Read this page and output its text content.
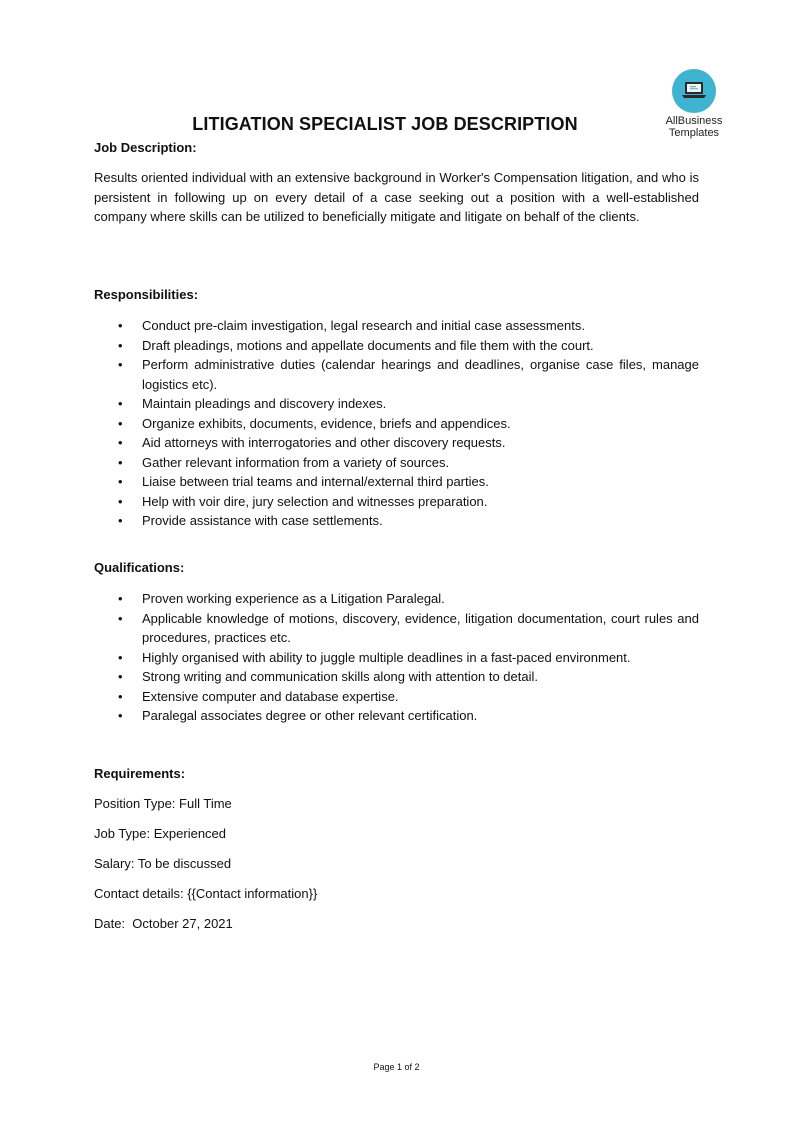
AllBusiness
Templates
LITIGATION SPECIALIST JOB DESCRIPTION
Job Description:

Results oriented individual with an extensive background in Worker's Compensation litigation, and who is persistent in following up on every detail of a case seeking out a position with a well-established company where skills can be utilized to beneficially mitigate and litigate on behalf of the clients.

Responsibilities:
• Conduct pre-claim investigation, legal research and initial case assessments.
• Draft pleadings, motions and appellate documents and file them with the court.
• Perform administrative duties (calendar hearings and deadlines, organise case files, manage logistics etc).
• Maintain pleadings and discovery indexes.
• Organize exhibits, documents, evidence, briefs and appendices.
• Aid attorneys with interrogatories and other discovery requests.
• Gather relevant information from a variety of sources.
• Liaise between trial teams and internal/external third parties.
• Help with voir dire, jury selection and witnesses preparation.
• Provide assistance with case settlements.
Qualifications:
• Proven working experience as a Litigation Paralegal.
• Applicable knowledge of motions, discovery, evidence, litigation documentation, court rules and procedures, practices etc.
• Highly organised with ability to juggle multiple deadlines in a fast-paced environment.
• Strong writing and communication skills along with attention to detail.
• Extensive computer and database expertise.
• Paralegal associates degree or other relevant certification.
Requirements:
Position Type: Full Time
Job Type: Experienced
Salary: To be discussed
Contact details: {{Contact information}}
Date:  October 27, 2021
Page 1 of 2
